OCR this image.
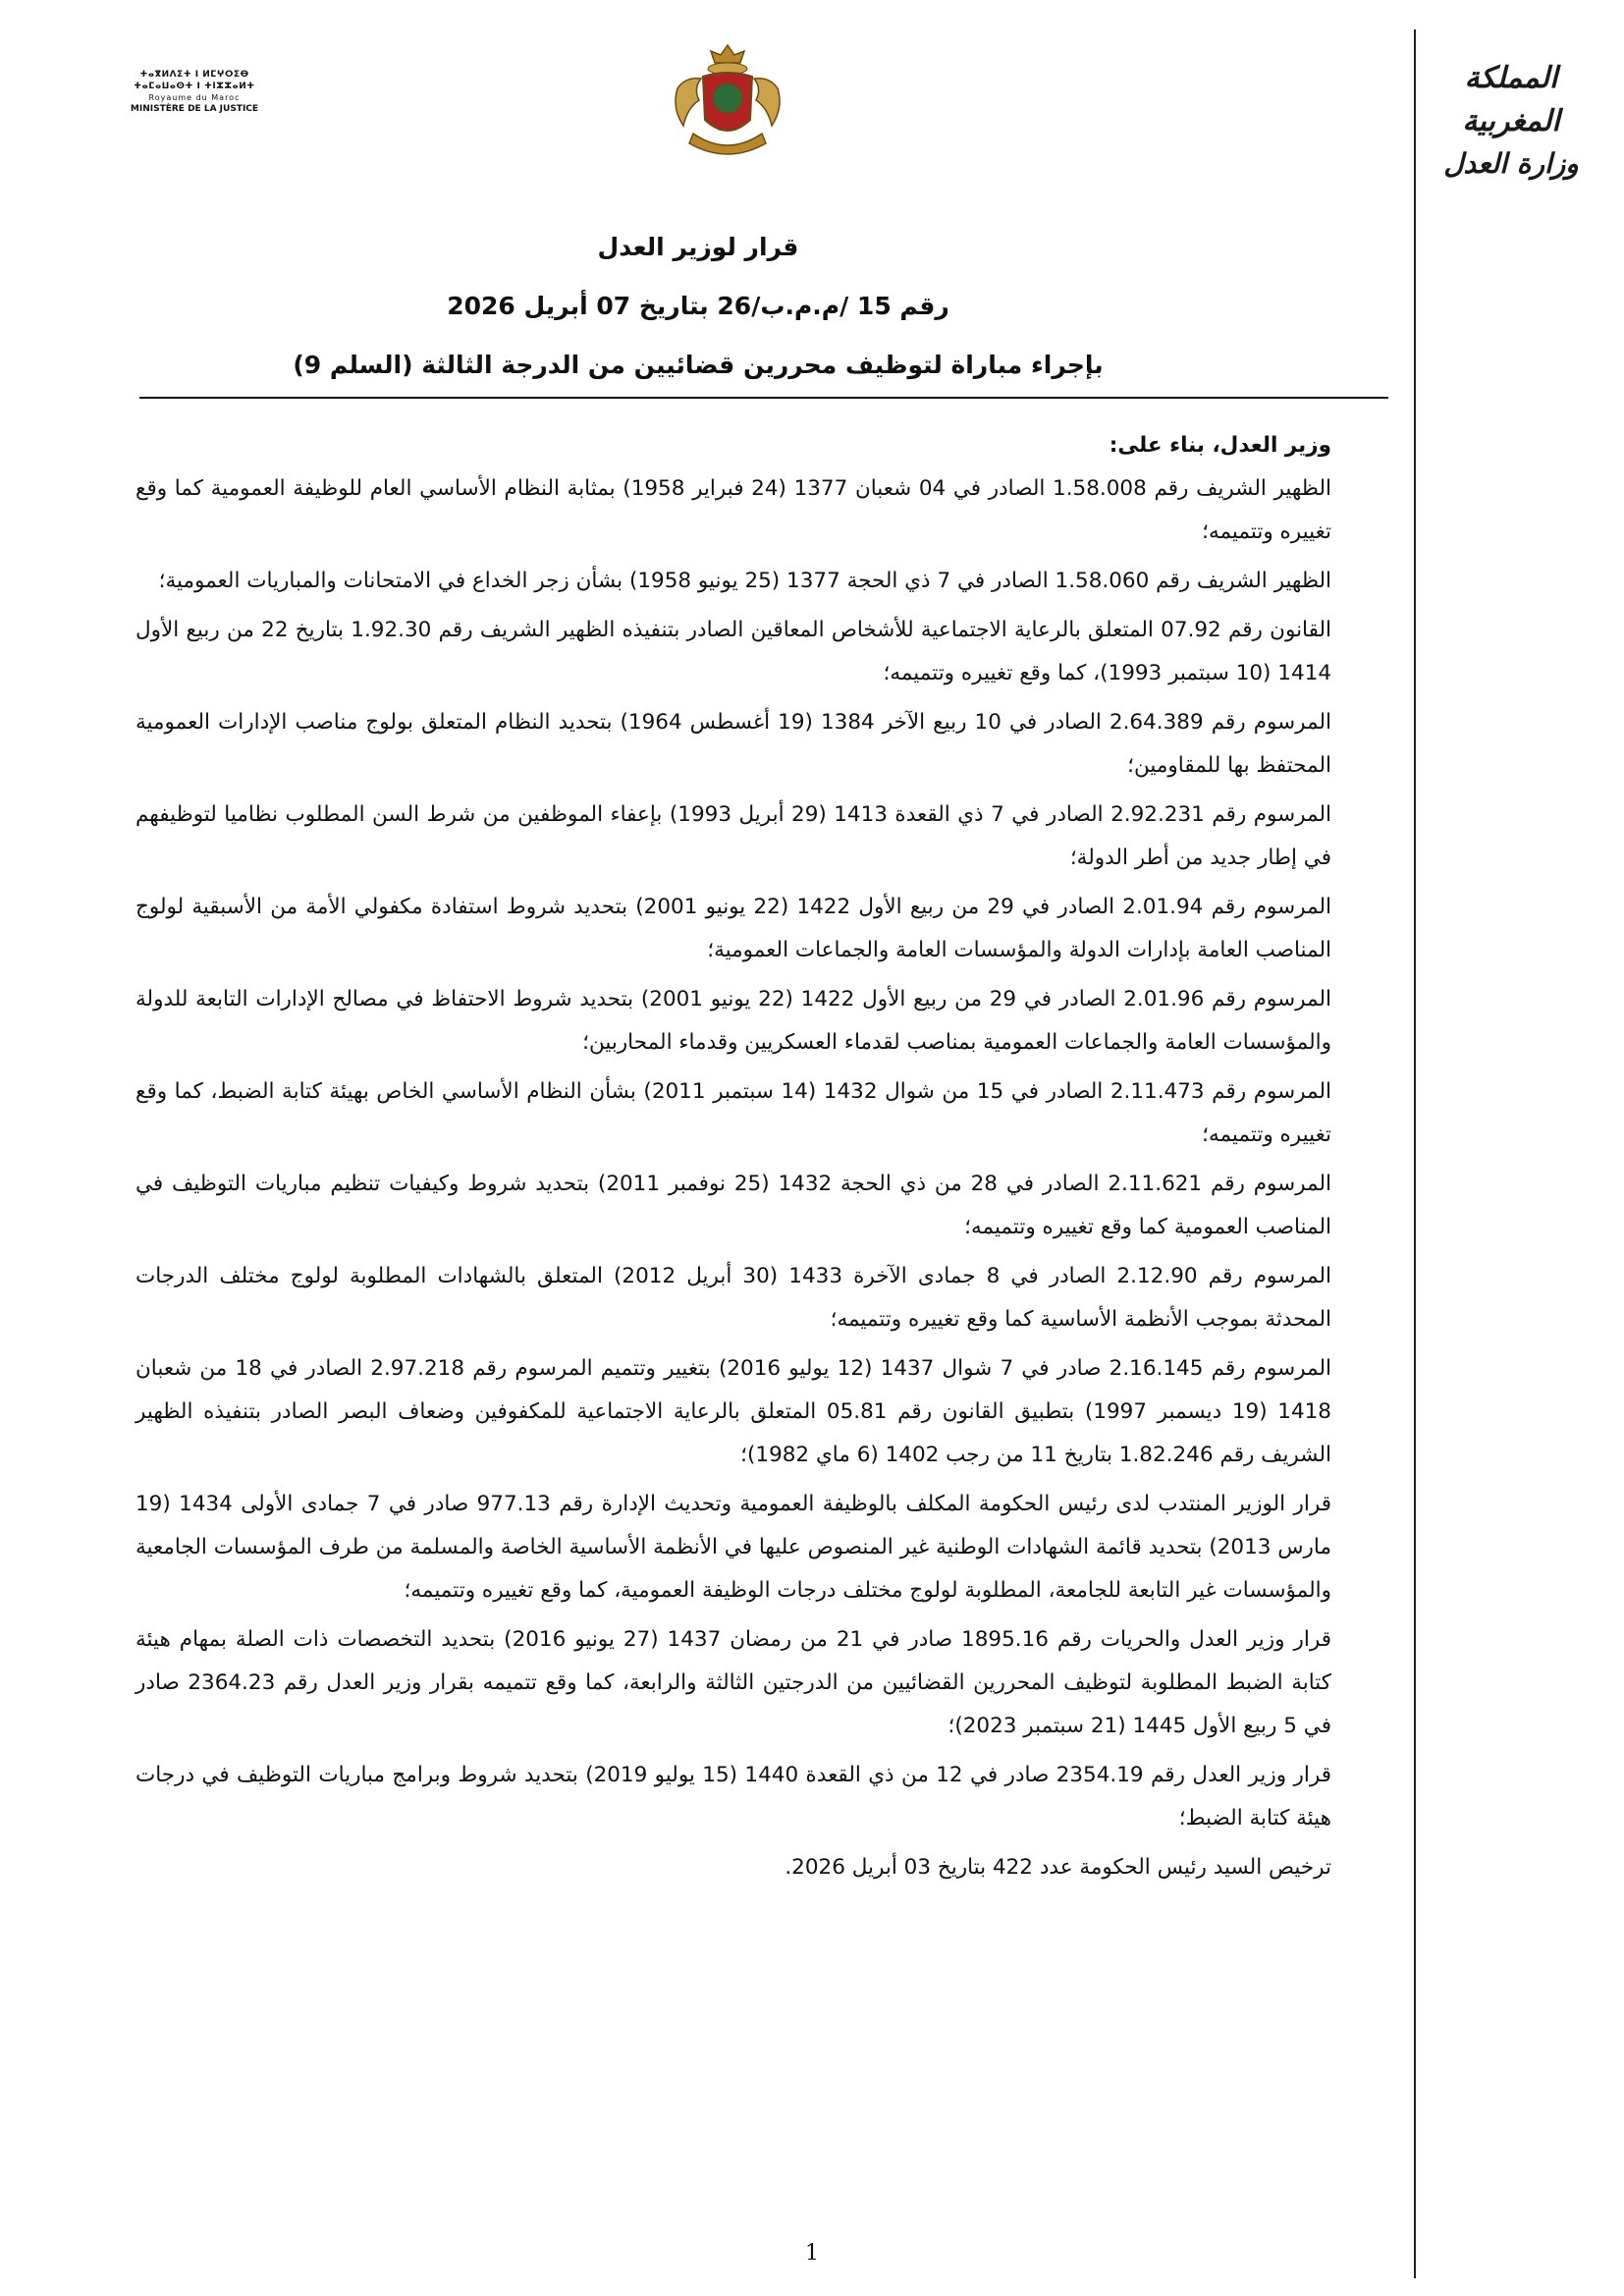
المملكة المغربية
وزارة العدل
ⵜⴰⴳⵍⴷⵉⵜ ⵏ ⵍⵎⵖⵔⵉⴱ
ⵜⴰⵎⴰⵡⴰⵙⵜ ⵏ ⵜⵏⵣⵣⴰⵍⵜ
Royaume du Maroc
MINISTÈRE DE LA JUSTICE
قرار لوزير العدل
رقم 15 /م.م.ب/26 بتاريخ 07 أبريل 2026
بإجراء مباراة لتوظيف محررين قضائيين من الدرجة الثالثة (السلم 9)

وزير العدل، بناء على:

الظهير الشريف رقم 1.58.008 الصادر في 04 شعبان 1377 (24 فبراير 1958) بمثابة النظام الأساسي العام للوظيفة العمومية كما وقع تغييره وتتميمه؛

الظهير الشريف رقم 1.58.060 الصادر في 7 ذي الحجة 1377 (25 يونيو 1958) بشأن زجر الخداع في الامتحانات والمباريات العمومية؛

القانون رقم 07.92 المتعلق بالرعاية الاجتماعية للأشخاص المعاقين الصادر بتنفيذه الظهير الشريف رقم 1.92.30 بتاريخ 22 من ربيع الأول 1414 (10 سبتمبر 1993)، كما وقع تغييره وتتميمه؛

المرسوم رقم 2.64.389 الصادر في 10 ربيع الآخر 1384 (19 أغسطس 1964) بتحديد النظام المتعلق بولوج مناصب الإدارات العمومية المحتفظ بها للمقاومين؛

المرسوم رقم 2.92.231 الصادر في 7 ذي القعدة 1413 (29 أبريل 1993) بإعفاء الموظفين من شرط السن المطلوب نظاميا لتوظيفهم في إطار جديد من أطر الدولة؛

المرسوم رقم 2.01.94 الصادر في 29 من ربيع الأول 1422 (22 يونيو 2001) بتحديد شروط استفادة مكفولي الأمة من الأسبقية لولوج المناصب العامة بإدارات الدولة والمؤسسات العامة والجماعات العمومية؛

المرسوم رقم 2.01.96 الصادر في 29 من ربيع الأول 1422 (22 يونيو 2001) بتحديد شروط الاحتفاظ في مصالح الإدارات التابعة للدولة والمؤسسات العامة والجماعات العمومية بمناصب لقدماء العسكريين وقدماء المحاربين؛

المرسوم رقم 2.11.473 الصادر في 15 من شوال 1432 (14 سبتمبر 2011) بشأن النظام الأساسي الخاص بهيئة كتابة الضبط، كما وقع تغييره وتتميمه؛

المرسوم رقم 2.11.621 الصادر في 28 من ذي الحجة 1432 (25 نوفمبر 2011) بتحديد شروط وكيفيات تنظيم مباريات التوظيف في المناصب العمومية كما وقع تغييره وتتميمه؛

المرسوم رقم 2.12.90 الصادر في 8 جمادى الآخرة 1433 (30 أبريل 2012) المتعلق بالشهادات المطلوبة لولوج مختلف الدرجات المحدثة بموجب الأنظمة الأساسية كما وقع تغييره وتتميمه؛

المرسوم رقم 2.16.145 صادر في 7 شوال 1437 (12 يوليو 2016) بتغيير وتتميم المرسوم رقم 2.97.218 الصادر في 18 من شعبان 1418 (19 ديسمبر 1997) بتطبيق القانون رقم 05.81 المتعلق بالرعاية الاجتماعية للمكفوفين وضعاف البصر الصادر بتنفيذه الظهير الشريف رقم 1.82.246 بتاريخ 11 من رجب 1402 (6 ماي 1982)؛

قرار الوزير المنتدب لدى رئيس الحكومة المكلف بالوظيفة العمومية وتحديث الإدارة رقم 977.13 صادر في 7 جمادى الأولى 1434 (19 مارس 2013) بتحديد قائمة الشهادات الوطنية غير المنصوص عليها في الأنظمة الأساسية الخاصة والمسلمة من طرف المؤسسات الجامعية والمؤسسات غير التابعة للجامعة، المطلوبة لولوج مختلف درجات الوظيفة العمومية، كما وقع تغييره وتتميمه؛

قرار وزير العدل والحريات رقم 1895.16 صادر في 21 من رمضان 1437 (27 يونيو 2016) بتحديد التخصصات ذات الصلة بمهام هيئة كتابة الضبط المطلوبة لتوظيف المحررين القضائيين من الدرجتين الثالثة والرابعة، كما وقع تتميمه بقرار وزير العدل رقم 2364.23 صادر في 5 ربيع الأول 1445 (21 سبتمبر 2023)؛

قرار وزير العدل رقم 2354.19 صادر في 12 من ذي القعدة 1440 (15 يوليو 2019) بتحديد شروط وبرامج مباريات التوظيف في درجات هيئة كتابة الضبط؛

ترخيص السيد رئيس الحكومة عدد 422 بتاريخ 03 أبريل 2026.

1
